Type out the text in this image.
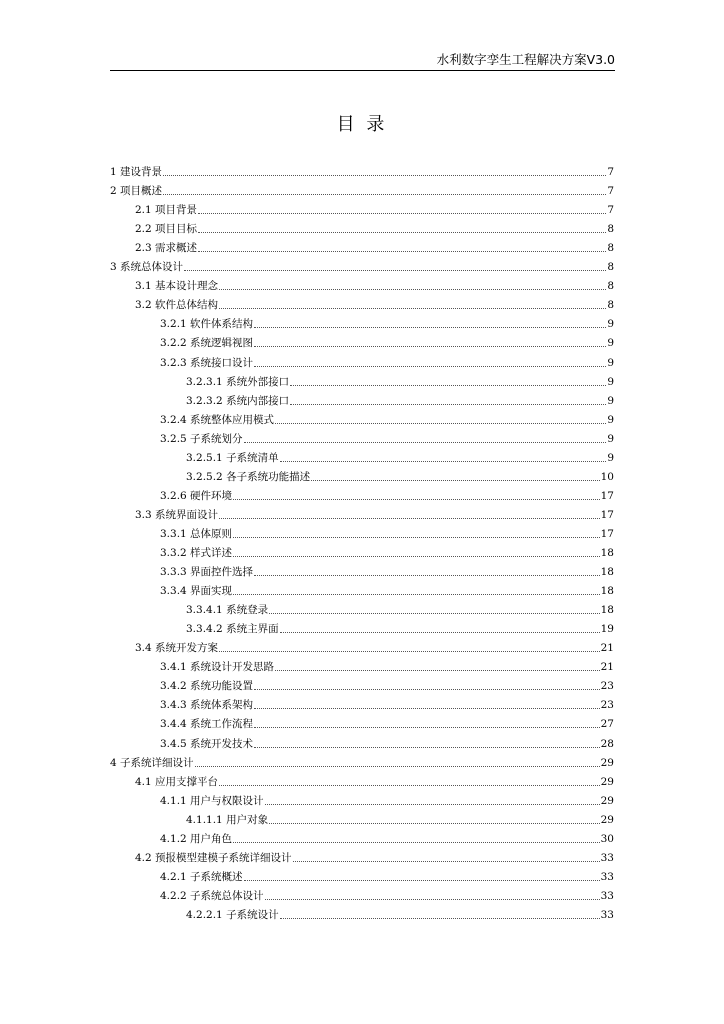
水利数字孪生工程解决方案V3.0
目 录
1 建设背景	7
2 项目概述	7
2.1 项目背景	7
2.2 项目目标	8
2.3 需求概述	8
3 系统总体设计	8
3.1 基本设计理念	8
3.2 软件总体结构	8
3.2.1 软件体系结构	9
3.2.2 系统逻辑视图	9
3.2.3 系统接口设计	9
3.2.3.1 系统外部接口	9
3.2.3.2 系统内部接口	9
3.2.4 系统整体应用模式	9
3.2.5 子系统划分	9
3.2.5.1 子系统清单	9
3.2.5.2 各子系统功能描述	10
3.2.6 硬件环境	17
3.3 系统界面设计	17
3.3.1 总体原则	17
3.3.2 样式详述	18
3.3.3 界面控件选择	18
3.3.4 界面实现	18
3.3.4.1 系统登录	18
3.3.4.2 系统主界面	19
3.4 系统开发方案	21
3.4.1 系统设计开发思路	21
3.4.2 系统功能设置	23
3.4.3 系统体系架构	23
3.4.4 系统工作流程	27
3.4.5 系统开发技术	28
4 子系统详细设计	29
4.1 应用支撑平台	29
4.1.1 用户与权限设计	29
4.1.1.1 用户对象	29
4.1.2 用户角色	30
4.2 预报模型建模子系统详细设计	33
4.2.1 子系统概述	33
4.2.2 子系统总体设计	33
4.2.2.1 子系统设计	33
